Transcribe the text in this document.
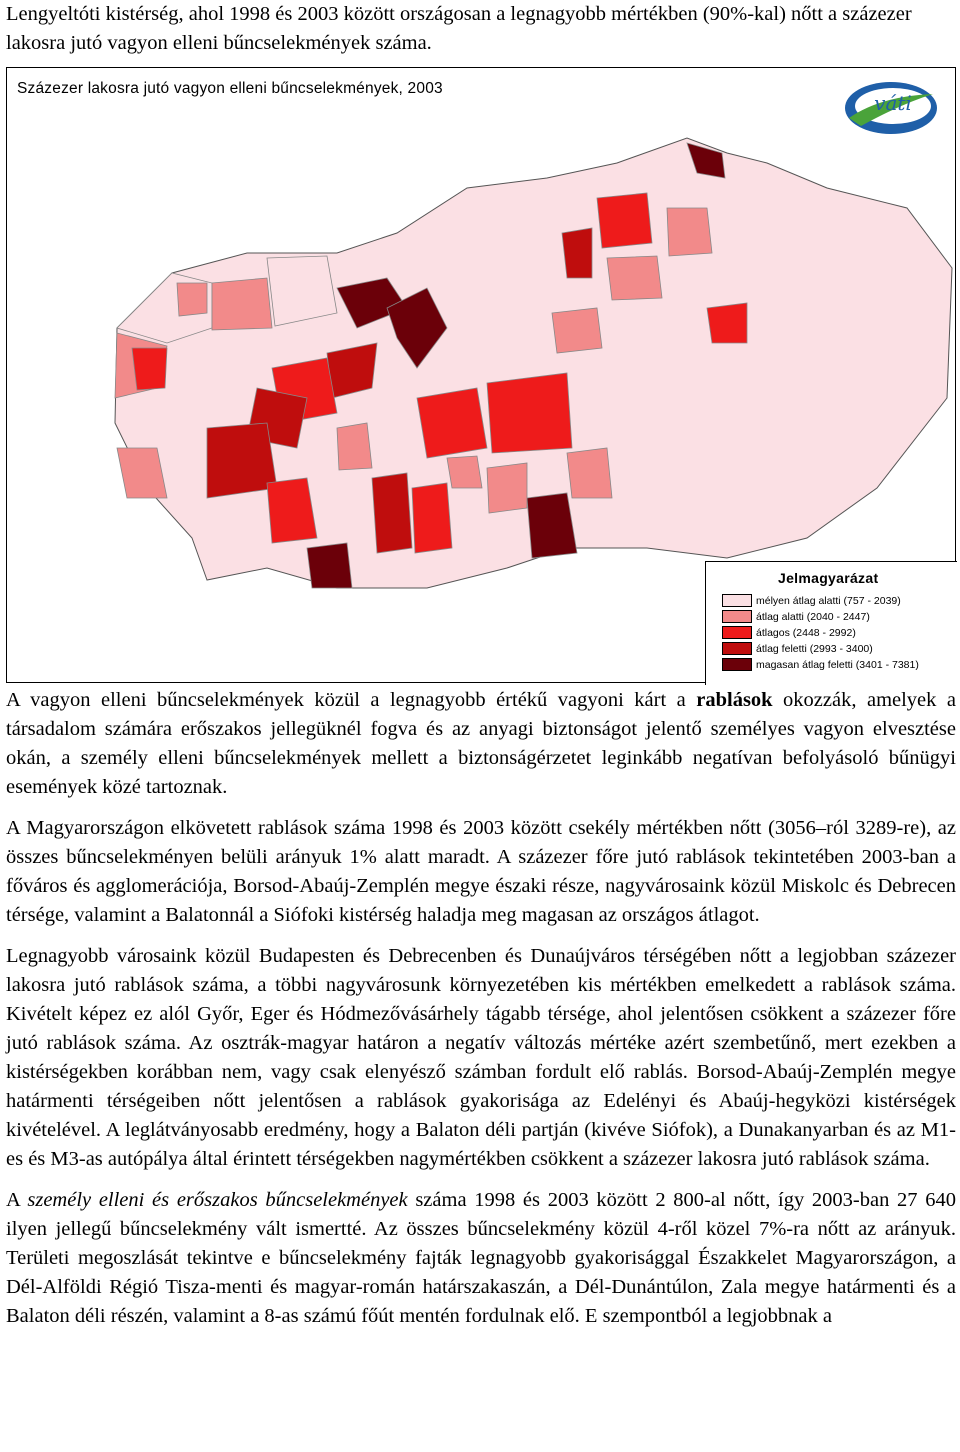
Lengyeltóti kistérség, ahol 1998 és 2003 között országosan a legnagyobb mértékben (90%-kal) nőtt a százezer lakosra jutó vagyon elleni bűncselekmények száma.

Százezer lakosra jutó vagyon elleni bűncselekmények, 2003
váti
Jelmagyarázat
mélyen átlag alatti (757 - 2039)
átlag alatti (2040 - 2447)
átlagos (2448 - 2992)
átlag feletti (2993 - 3400)
magasan átlag feletti (3401 - 7381)

A vagyon elleni bűncselekmények közül a legnagyobb értékű vagyoni kárt a rablások okozzák, amelyek a társadalom számára erőszakos jellegüknél fogva és az anyagi biztonságot jelentő személyes vagyon elvesztése okán, a személy elleni bűncselekmények mellett a biztonságérzetet leginkább negatívan befolyásoló bűnügyi események közé tartoznak.

A Magyarországon elkövetett rablások száma 1998 és 2003 között csekély mértékben nőtt (3056–ról 3289-re), az összes bűncselekményen belüli arányuk 1% alatt maradt. A százezer főre jutó rablások tekintetében 2003-ban a főváros és agglomerációja, Borsod-Abaúj-Zemplén megye északi része, nagyvárosaink közül Miskolc és Debrecen térsége, valamint a Balatonnál a Siófoki kistérség haladja meg magasan az országos átlagot.

Legnagyobb városaink közül Budapesten és Debrecenben és Dunaújváros térségében nőtt a legjobban százezer lakosra jutó rablások száma, a többi nagyvárosunk környezetében kis mértékben emelkedett a rablások száma. Kivételt képez ez alól Győr, Eger és Hódmezővásárhely tágabb térsége, ahol jelentősen csökkent a százezer főre jutó rablások száma. Az osztrák-magyar határon a negatív változás mértéke azért szembetűnő, mert ezekben a kistérségekben korábban nem, vagy csak elenyésző számban fordult elő rablás. Borsod-Abaúj-Zemplén megye határmenti térségeiben nőtt jelentősen a rablások gyakorisága az Edelényi és Abaúj-hegyközi kistérségek kivételével. A leglátványosabb eredmény, hogy a Balaton déli partján (kivéve Siófok), a Dunakanyarban és az M1-es és M3-as autópálya által érintett térségekben nagymértékben csökkent a százezer lakosra jutó rablások száma.

A személy elleni és erőszakos bűncselekmények száma 1998 és 2003 között 2 800-al nőtt, így 2003-ban 27 640 ilyen jellegű bűncselekmény vált ismertté. Az összes bűncselekmény közül 4-ről közel 7%-ra nőtt az arányuk. Területi megoszlását tekintve e bűncselekmény fajták legnagyobb gyakorisággal Északkelet Magyarországon, a Dél-Alföldi Régió Tisza-menti és magyar-román határszakaszán, a Dél-Dunántúlon, Zala megye határmenti és a Balaton déli részén, valamint a 8-as számú főút mentén fordulnak elő. E szempontból a legjobbnak a
